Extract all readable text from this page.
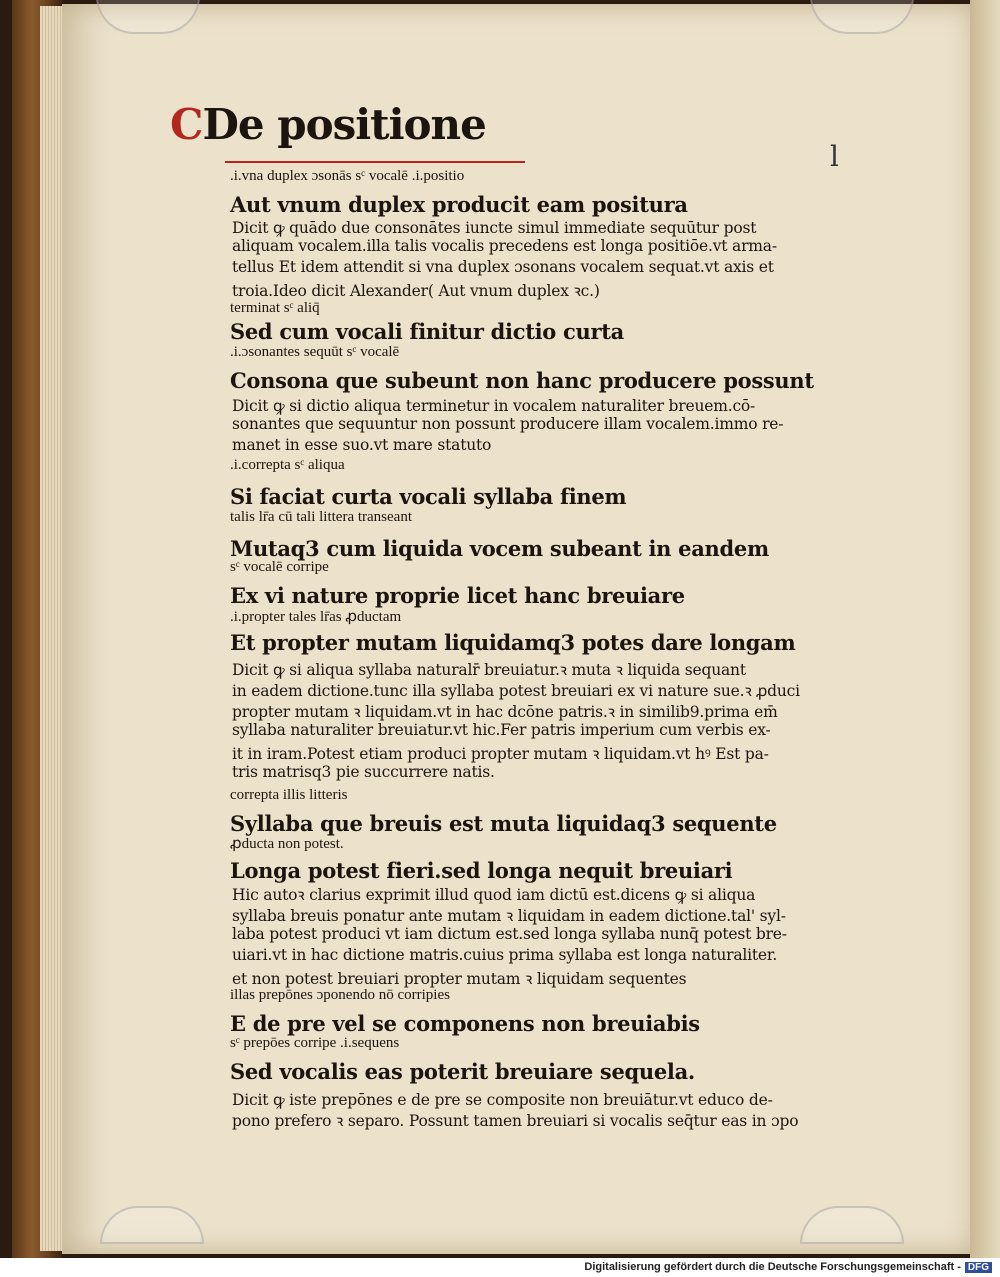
CDe positione
l
.i.vna duplex ɔsonās sᶜ vocalē .i.positio
Aut vnum duplex producit eam positura
Dicit ꝙ quādo due consonātes iuncte simul immediate sequūtur post
aliquam vocalem.illa talis vocalis precedens est longa positiōe.vt arma-
tellus Et idem attendit si vna duplex ɔsonans vocalem sequat.vt axis et
troia.Ideo dicit Alexander( Aut vnum duplex ꝛc.)
terminat sᶜ aliq̄
Sed cum vocali finitur dictio curta
.i.ɔsonantes sequūt sᶜ vocalē
Consona que subeunt non hanc producere possunt
Dicit ꝙ si dictio aliqua terminetur in vocalem naturaliter breuem.cō-
sonantes que sequuntur non possunt producere illam vocalem.immo re-
manet in esse suo.vt mare statuto
.i.correpta sᶜ aliqua
Si faciat curta vocali syllaba finem
talis lr̄a cū tali littera transeant
Mutaq3 cum liquida vocem subeant in eandem
sᶜ vocalē corripe
Ex vi nature proprie licet hanc breuiare
.i.propter tales lr̄as ꝓductam
Et propter mutam liquidamq3 potes dare longam
Dicit ꝙ si aliqua syllaba naturalr̄ breuiatur.ꝛ muta ꝛ liquida sequant
in eadem dictione.tunc illa syllaba potest breuiari ex vi nature sue.ꝛ ꝓduci
propter mutam ꝛ liquidam.vt in hac dcōne patris.ꝛ in similib9.prima em̄
syllaba naturaliter breuiatur.vt hic.Fer patris imperium cum verbis ex-
it in iram.Potest etiam produci propter mutam ꝛ liquidam.vt hꝰ Est pa-
tris matrisq3 pie succurrere natis.
correpta illis litteris
Syllaba que breuis est muta liquidaq3 sequente
ꝓducta non potest.
Longa potest fieri.sed longa nequit breuiari
Hic autoꝛ clarius exprimit illud quod iam dictū est.dicens ꝙ si aliqua
syllaba breuis ponatur ante mutam ꝛ liquidam in eadem dictione.tal' syl-
laba potest produci vt iam dictum est.sed longa syllaba nunq̄ potest bre-
uiari.vt in hac dictione matris.cuius prima syllaba est longa naturaliter.
et non potest breuiari propter mutam ꝛ liquidam sequentes
illas prepōnes ɔponendo nō corripies
E de pre vel se componens non breuiabis
sᶜ prepōes corripe .i.sequens
Sed vocalis eas poterit breuiare sequela.
Dicit ꝙ iste prepōnes e de pre se composite non breuiātur.vt educo de-
pono prefero ꝛ separo. Possunt tamen breuiari si vocalis seq̄tur eas in ɔpo
Digitalisierung gefördert durch die Deutsche Forschungsgemeinschaft - DFG
